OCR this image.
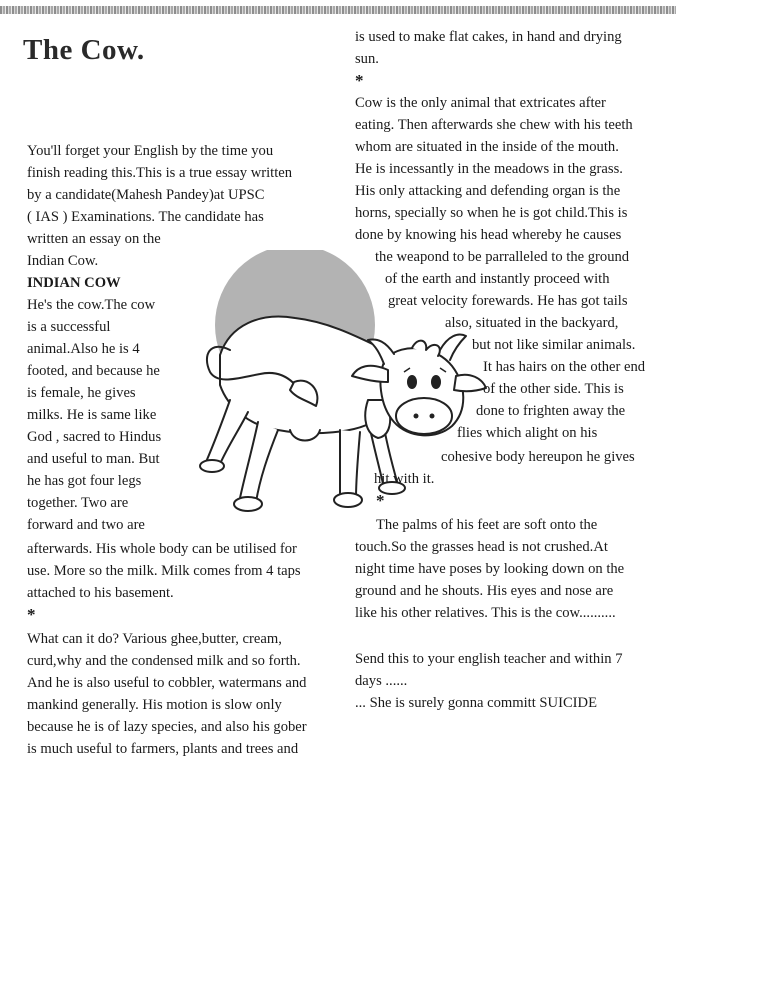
The Cow.

You'll forget your English by the time you

finish reading this.This is a true essay written

by a candidate(Mahesh Pandey)at UPSC

( IAS ) Examinations. The candidate has

written an essay on the

Indian Cow.

INDIAN COW

He's the cow.The cow

is a successful

animal.Also he is 4

footed, and because he

is female, he gives

milks. He is same like

God , sacred to Hindus

and useful to man. But

he has got four legs

together. Two are

forward and two are

afterwards. His whole body can be utilised for

use. More so the milk. Milk comes from 4 taps

attached to his basement.

*

What can it do? Various ghee,butter, cream,

curd,why and the condensed milk and so forth.

And he is also useful to cobbler, watermans and

mankind generally. His motion is slow only

because he is of lazy species, and also his gober

is much useful to farmers, plants and trees and

is used to make flat cakes, in hand and drying

sun.

*

Cow is the only animal that extricates after

eating. Then afterwards she chew with his teeth

whom are situated in the inside of the mouth.

He is incessantly in the meadows in the grass.

His only attacking and defending organ is the

horns, specially so when he is got child.This is

done by knowing his head whereby he causes

the weapond to be parralleled to the ground

of the earth and instantly proceed with

great velocity forewards. He has got tails

also, situated in the backyard,

but not like similar animals.

It has hairs on the other end

of the other side. This is

done to frighten away the

flies which alight on his

cohesive body hereupon he gives

hit with it.

*

The palms of his feet are soft onto the

touch.So the grasses head is not crushed.At

night time have poses by looking down on the

ground and he shouts. His eyes and nose are

like his other relatives. This is the cow..........

Send this to your english teacher and within 7

days ......

... She is surely gonna committ SUICIDE
